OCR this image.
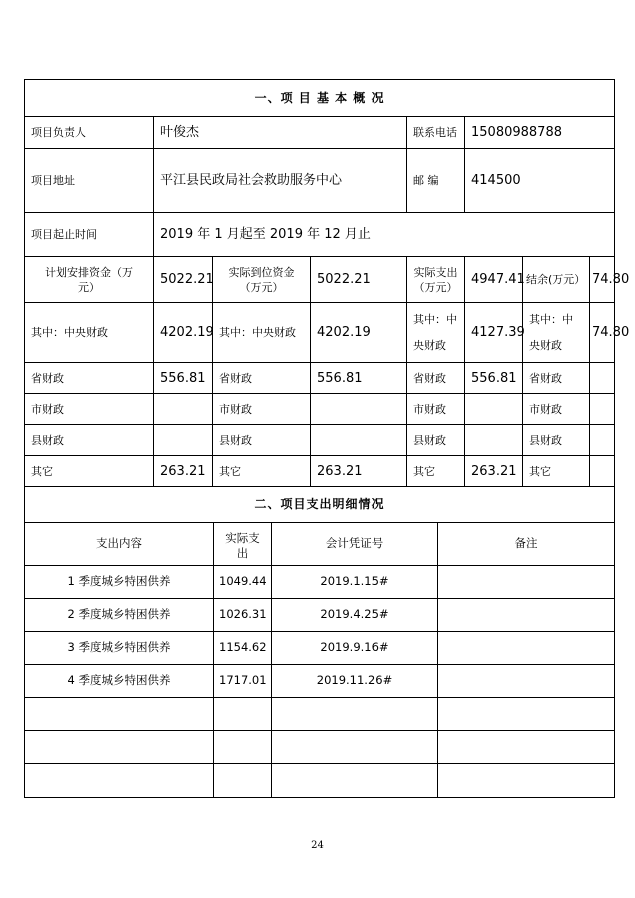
一、项 目 基 本 概 况							
项目负责人	叶俊杰			联系电话	15080988788		
项目地址	平江县民政局社会救助服务中心			邮 编	414500		
项目起止时间	2019 年 1 月起至 2019 年 12 月止						
计划安排资金（万元）	5022.21	实际到位资金（万元）	5022.21	实际支出（万元）	4947.41	结余(万元）	74.80
其中：中央财政	4202.19	其中：中央财政	4202.19	其中：中央财政	4127.39	其中：中央财政	74.80
省财政	556.81	省财政	556.81	省财政	556.81	省财政	
市财政		市财政		市财政		市财政	
县财政		县财政		县财政		县财政	
其它	263.21	其它	263.21	其它	263.21	其它	
二、项目支出明细情况							
支出内容	实际支出	会计凭证号	备注
1 季度城乡特困供养	1049.44	2019.1.15#	
2 季度城乡特困供养	1026.31	2019.4.25#	
3 季度城乡特困供养	1154.62	2019.9.16#	
4 季度城乡特困供养	1717.01	2019.11.26#	

24
